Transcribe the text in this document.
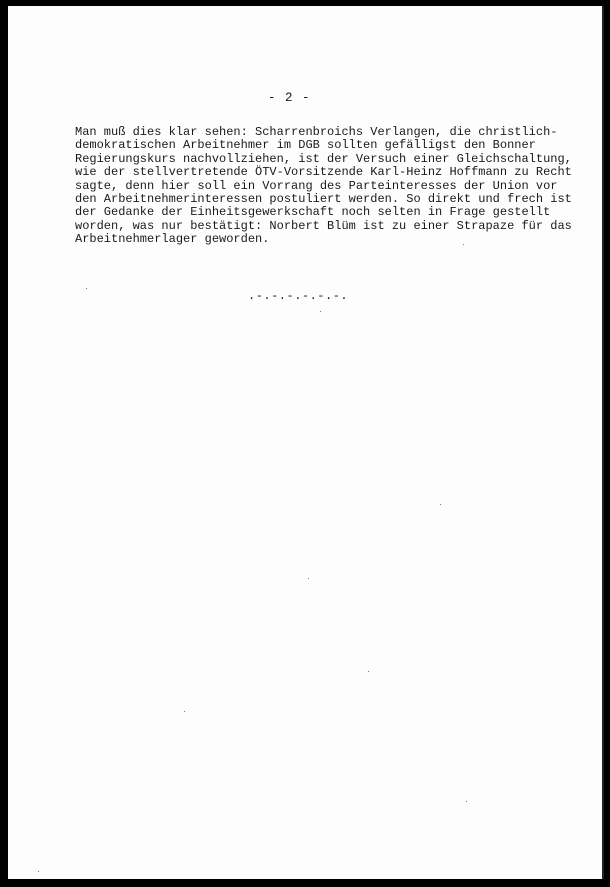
- 2 -

Man muß dies klar sehen: Scharrenbroichs Verlangen, die christlich-
demokratischen Arbeitnehmer im DGB sollten gefälligst den Bonner
Regierungskurs nachvollziehen, ist der Versuch einer Gleichschaltung,
wie der stellvertretende ÖTV-Vorsitzende Karl-Heinz Hoffmann zu Recht
sagte, denn hier soll ein Vorrang des Parteinteresses der Union vor
den Arbeitnehmerinteressen postuliert werden. So direkt und frech ist
der Gedanke der Einheitsgewerkschaft noch selten in Frage gestellt
worden, was nur bestätigt: Norbert Blüm ist zu einer Strapaze für das
Arbeitnehmerlager geworden.

.-.-.-.-.-.-.
